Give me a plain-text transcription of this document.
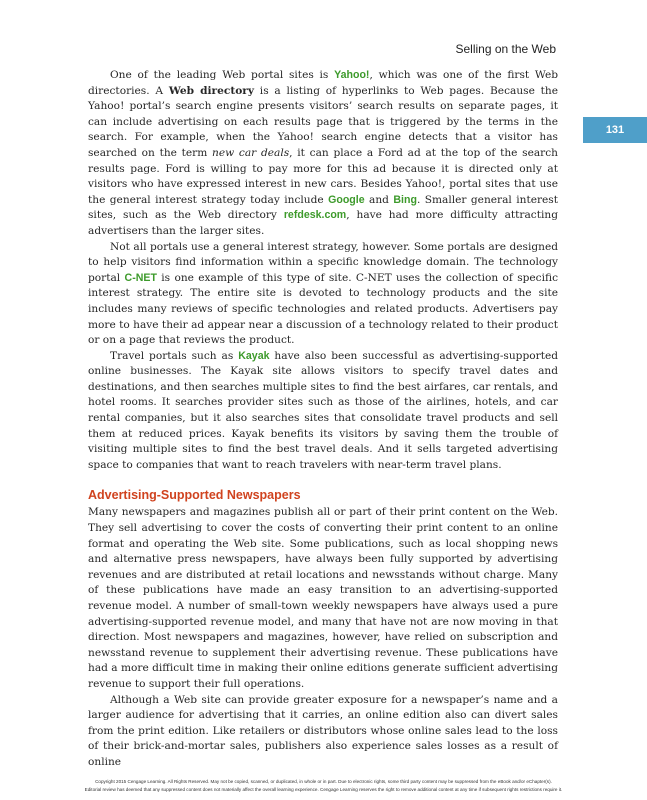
Selling on the Web
131

One of the leading Web portal sites is Yahoo!, which was one of the first Web directories. A Web directory is a listing of hyperlinks to Web pages. Because the Yahoo! portal’s search engine presents visitors’ search results on separate pages, it can include advertising on each results page that is triggered by the terms in the search. For example, when the Yahoo! search engine detects that a visitor has searched on the term new car deals, it can place a Ford ad at the top of the search results page. Ford is willing to pay more for this ad because it is directed only at visitors who have expressed interest in new cars. Besides Yahoo!, portal sites that use the general interest strategy today include Google and Bing. Smaller general interest sites, such as the Web directory refdesk.com, have had more difficulty attracting advertisers than the larger sites.

Not all portals use a general interest strategy, however. Some portals are designed to help visitors find information within a specific knowledge domain. The technology portal C-NET is one example of this type of site. C-NET uses the collection of specific interest strategy. The entire site is devoted to technology products and the site includes many reviews of specific technologies and related products. Advertisers pay more to have their ad appear near a discussion of a technology related to their product or on a page that reviews the product.

Travel portals such as Kayak have also been successful as advertising-supported online businesses. The Kayak site allows visitors to specify travel dates and destinations, and then searches multiple sites to find the best airfares, car rentals, and hotel rooms. It searches provider sites such as those of the airlines, hotels, and car rental companies, but it also searches sites that consolidate travel products and sell them at reduced prices. Kayak benefits its visitors by saving them the trouble of visiting multiple sites to find the best travel deals. And it sells targeted advertising space to companies that want to reach travelers with near-term travel plans.

Advertising-Supported Newspapers

Many newspapers and magazines publish all or part of their print content on the Web. They sell advertising to cover the costs of converting their print content to an online format and operating the Web site. Some publications, such as local shopping news and alternative press newspapers, have always been fully supported by advertising revenues and are distributed at retail locations and newsstands without charge. Many of these publications have made an easy transition to an advertising-supported revenue model. A number of small-town weekly newspapers have always used a pure advertising-supported revenue model, and many that have not are now moving in that direction. Most newspapers and magazines, however, have relied on subscription and newsstand revenue to supplement their advertising revenue. These publications have had a more difficult time in making their online editions generate sufficient advertising revenue to support their full operations.

Although a Web site can provide greater exposure for a newspaper’s name and a larger audience for advertising that it carries, an online edition also can divert sales from the print edition. Like retailers or distributors whose online sales lead to the loss of their brick-and-mortar sales, publishers also experience sales losses as a result of online

Copyright 2015 Cengage Learning. All Rights Reserved. May not be copied, scanned, or duplicated, in whole or in part. Due to electronic rights, some third party content may be suppressed from the eBook and/or eChapter(s).
Editorial review has deemed that any suppressed content does not materially affect the overall learning experience. Cengage Learning reserves the right to remove additional content at any time if subsequent rights restrictions require it.
